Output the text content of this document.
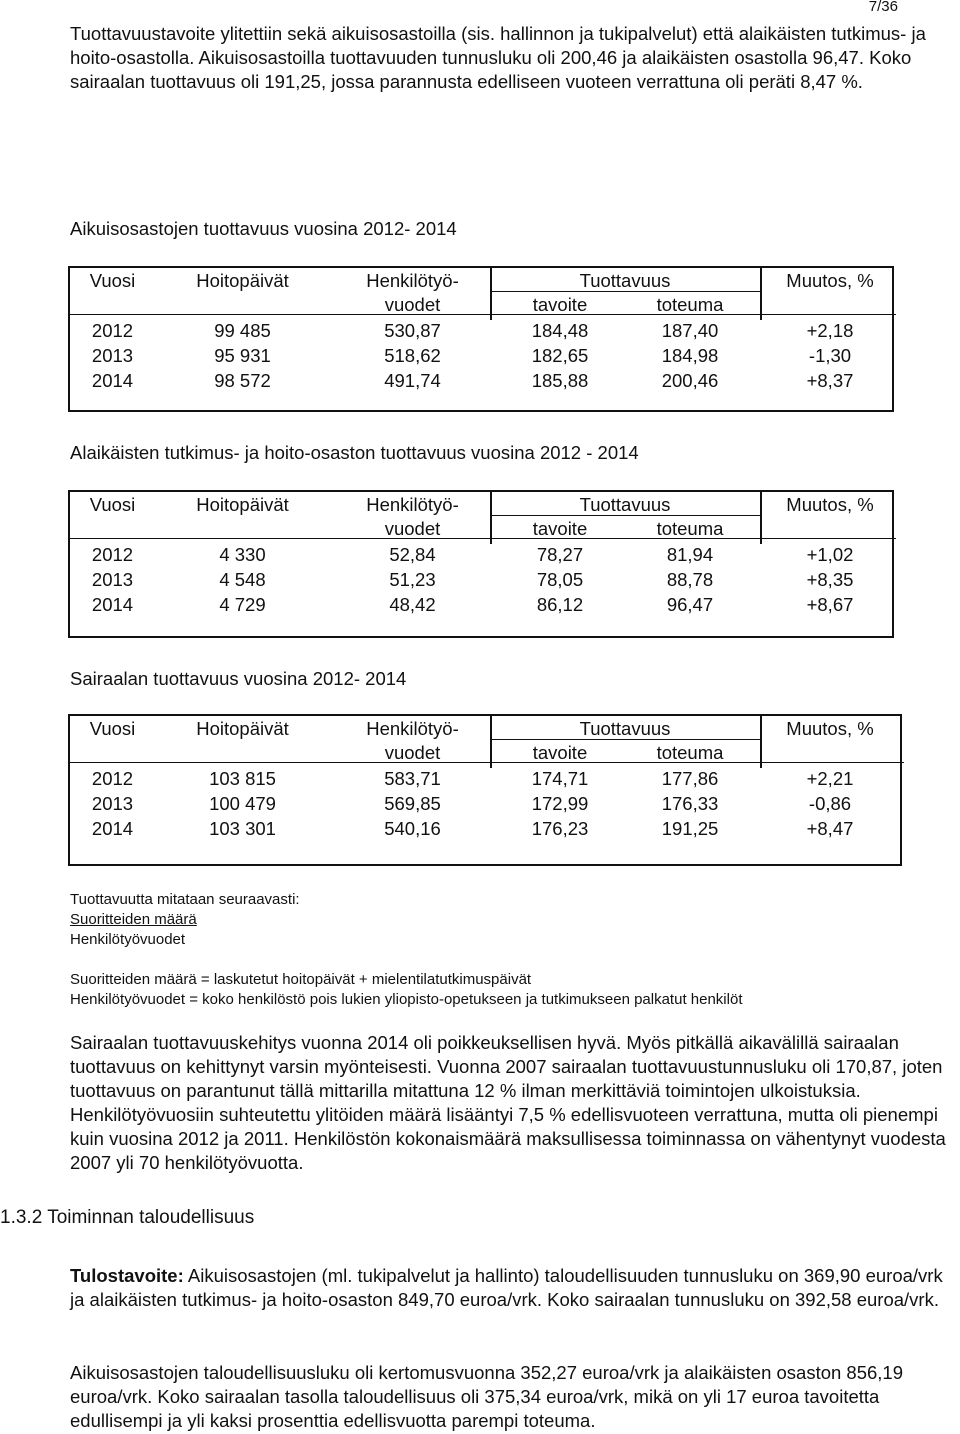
7/36

Tuottavuustavoite ylitettiin sekä aikuisosastoilla (sis. hallinnon ja tukipalvelut) että alaikäisten tutkimus- ja hoito-osastolla. Aikuisosastoilla tuottavuuden tunnusluku oli 200,46 ja alaikäisten osastolla 96,47. Koko sairaalan tuottavuus oli 191,25, jossa parannusta edelliseen vuoteen verrattuna oli peräti 8,47 %.

Aikuisosastojen tuottavuus vuosina 2012- 2014
Vuosi	Hoitopäivät	Henkilötyö-
vuodet
Tuottavuus
tavoite	toteuma
Muutos, %
2012	99 485	530,87	184,48	187,40	+2,18
2013	95 931	518,62	182,65	184,98	-1,30
2014	98 572	491,74	185,88	200,46	+8,37
Alaikäisten tutkimus- ja hoito-osaston tuottavuus vuosina 2012 - 2014
Vuosi	Hoitopäivät	Henkilötyö-
vuodet
Tuottavuus
tavoite	toteuma
Muutos, %
2012	4 330	52,84	78,27	81,94	+1,02
2013	4 548	51,23	78,05	88,78	+8,35
2014	4 729	48,42	86,12	96,47	+8,67
Sairaalan tuottavuus vuosina 2012- 2014
Vuosi	Hoitopäivät	Henkilötyö-
vuodet
Tuottavuus
tavoite	toteuma
Muutos, %
2012	103 815	583,71	174,71	177,86	+2,21
2013	100 479	569,85	172,99	176,33	-0,86
2014	103 301	540,16	176,23	191,25	+8,47
Tuottavuutta mitataan seuraavasti:
Suoritteiden määrä
Henkilötyövuodet
Suoritteiden määrä = laskutetut hoitopäivät + mielentilatutkimuspäivät
Henkilötyövuodet = koko henkilöstö pois lukien yliopisto-opetukseen ja tutkimukseen palkatut henkilöt

Sairaalan tuottavuuskehitys vuonna 2014 oli poikkeuksellisen hyvä. Myös pitkällä aikavälillä sairaalan tuottavuus on kehittynyt varsin myönteisesti. Vuonna 2007 sairaalan tuottavuustunnusluku oli 170,87, joten tuottavuus on parantunut tällä mittarilla mitattuna 12 % ilman merkittäviä toimintojen ulkoistuksia. Henkilötyövuosiin suhteutettu ylitöiden määrä lisääntyi 7,5 % edellisvuoteen verrattuna, mutta oli pienempi kuin vuosina 2012 ja 2011. Henkilöstön kokonaismäärä maksullisessa toiminnassa on vähentynyt vuodesta 2007 yli 70 henkilötyövuotta.

1.3.2 Toiminnan taloudellisuus

Tulostavoite: Aikuisosastojen (ml. tukipalvelut ja hallinto) taloudellisuuden tunnusluku on 369,90 euroa/vrk ja alaikäisten tutkimus- ja hoito-osaston 849,70 euroa/vrk. Koko sairaalan tunnusluku on 392,58 euroa/vrk.

Aikuisosastojen taloudellisuusluku oli kertomusvuonna 352,27 euroa/vrk ja alaikäisten osaston 856,19 euroa/vrk. Koko sairaalan tasolla taloudellisuus oli 375,34 euroa/vrk, mikä on yli 17 euroa tavoitetta edullisempi ja yli kaksi prosenttia edellisvuotta parempi toteuma.
